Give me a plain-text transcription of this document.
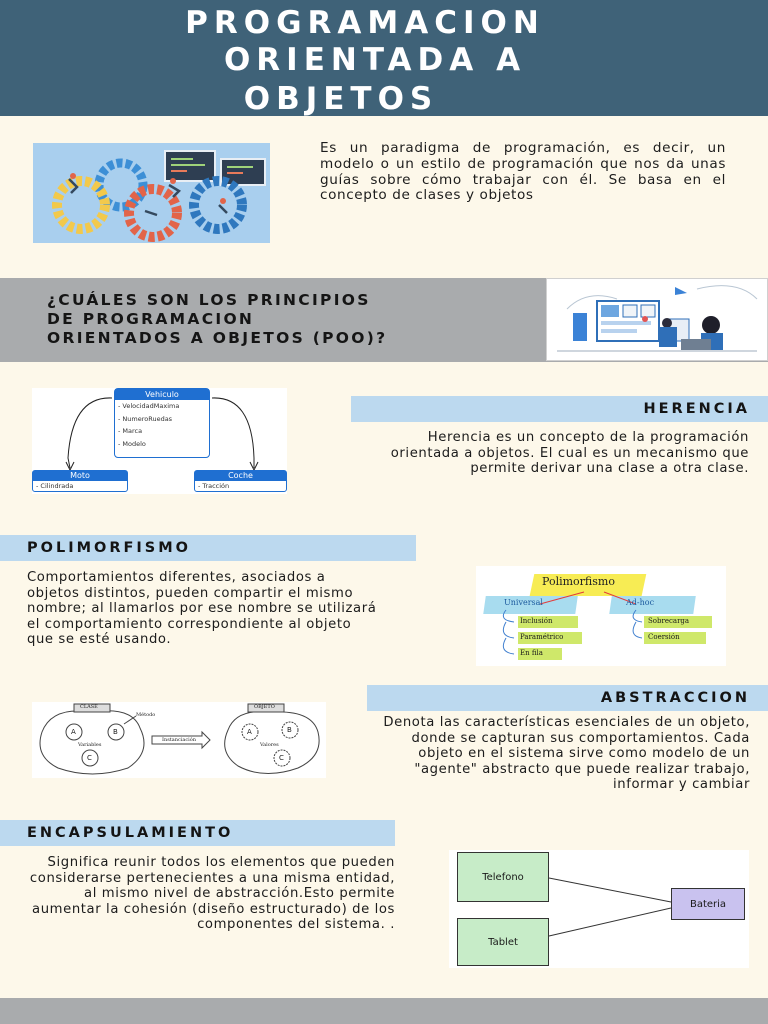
PROGRAMACION
ORIENTADA A
OBJETOS
Es un paradigma de programación, es decir, un modelo o un estilo de programación que nos da unas guías sobre cómo trabajar con él. Se basa en el concepto de clases y objetos
¿CUÁLES SON LOS PRINCIPIOS
DE PROGRAMACION
ORIENTADOS A OBJETOS (POO)?
Vehiculo
- VelocidadMaxima
- NumeroRuedas
- Marca
- Modelo
Moto
- Cilindrada
Coche
- Tracción
HERENCIA
Herencia es un concepto de la programación orientada a objetos. El cual es un mecanismo que permite derivar una clase a otra clase.
POLIMORFISMO
Comportamientos diferentes, asociados a objetos distintos, pueden compartir el mismo nombre; al llamarlos por ese nombre se utilizará el comportamiento correspondiente al objeto que se esté usando.
Polimorfismo
Universal	Ad-hoc
Inclusión
Paramétrico
En fila
Sobrecarga
Coersión
ABSTRACCION
Denota las características esenciales de un objeto, donde se capturan sus comportamientos. Cada objeto en el sistema sirve como modelo de un "agente" abstracto que puede realizar trabajo, informar y cambiar
CLASE	OBJETO
Método
Variables	Valores
Instanciación
A	B
C
A	B
C
ENCAPSULAMIENTO
Significa reunir todos los elementos que pueden considerarse pertenecientes a una misma entidad, al mismo nivel de abstracción.Esto permite aumentar la cohesión (diseño estructurado) de los componentes del sistema. .
Telefono
Tablet
Bateria
